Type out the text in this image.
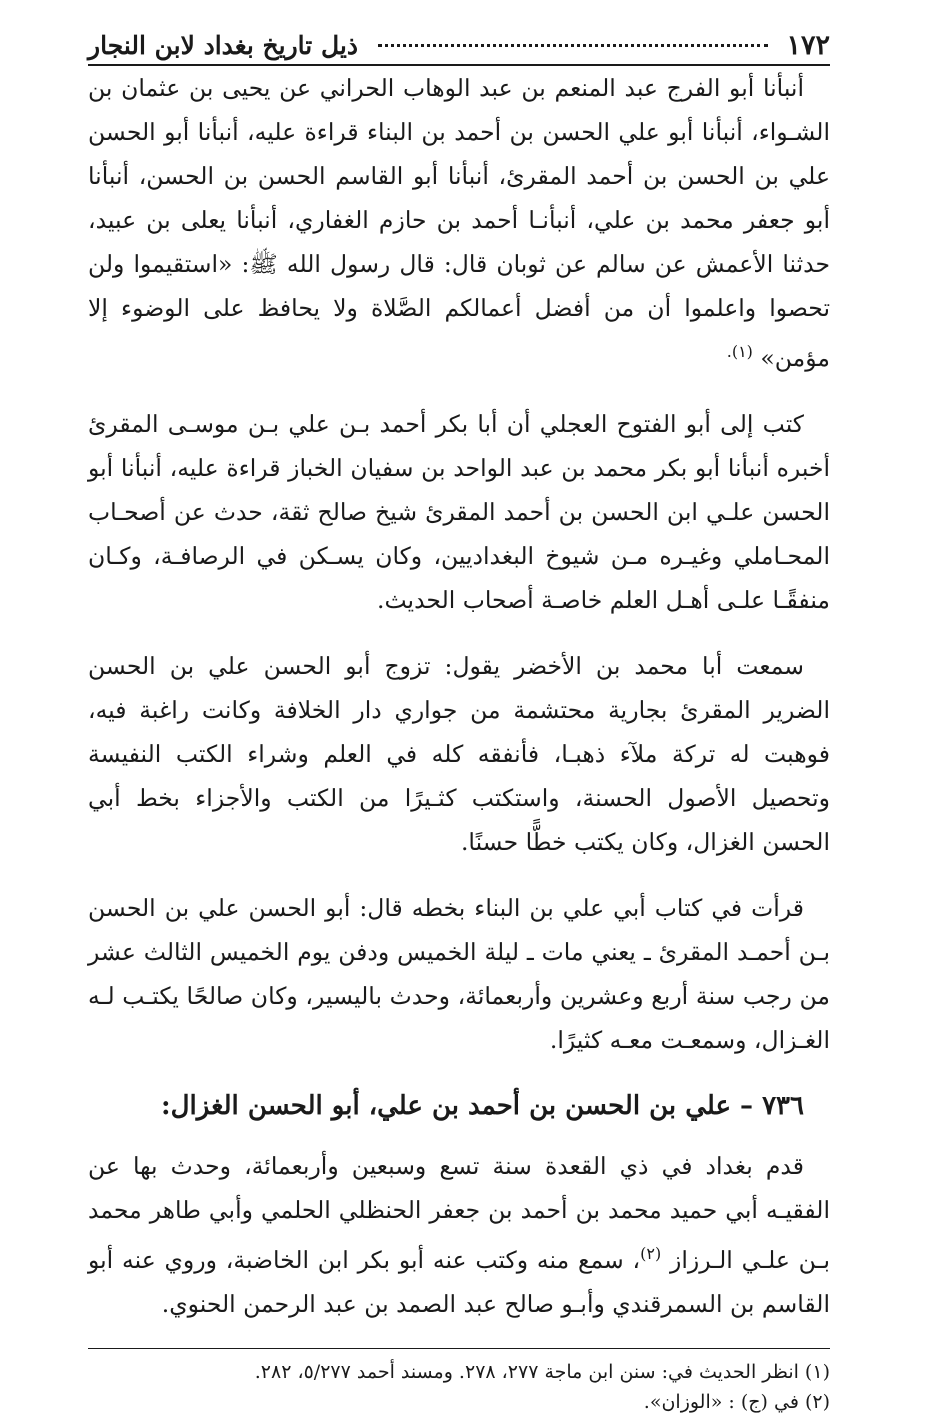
١٧٢
ذيل تاريخ بغداد لابن النجار

أنبأنا أبو الفرج عبد المنعم بن عبد الوهاب الحراني عن يحيى بن عثمان بن الشـواء، أنبأنا أبو علي الحسن بن أحمد بن البناء قراءة عليه، أنبأنا أبو الحسن علي بن الحسن بن أحمد المقرئ، أنبأنا أبو القاسم الحسن بن الحسن، أنبأنا أبو جعفر محمد بن علي، أنبأنـا أحمد بن حازم الغفاري، أنبأنا يعلى بن عبيد، حدثنا الأعمش عن سالم عن ثوبان قال: قال رسول الله ﷺ: «استقيموا ولن تحصوا واعلموا أن من أفضل أعمالكم الصَّلاة ولا يحافظ على الوضوء إلا مؤمن» $^{(١).}$

كتب إلى أبو الفتوح العجلي أن أبا بكر أحمد بـن علي بـن موسـى المقرئ أخبره أنبأنا أبو بكر محمد بن عبد الواحد بن سفيان الخباز قراءة عليه، أنبأنا أبو الحسن علـي ابن الحسن بن أحمد المقرئ شيخ صالح ثقة، حدث عن أصحـاب المحـاملي وغيـره مـن شيوخ البغداديين، وكان يسـكن في الرصافـة، وكـان منفقًـا علـى أهـل العلم خاصـة أصحاب الحديث.

سمعت أبا محمد بن الأخضر يقول: تزوج أبو الحسن علي بن الحسن الضرير المقرئ بجارية محتشمة من جواري دار الخلافة وكانت راغبة فيه، فوهبت له تركة ملآء ذهبـا، فأنفقه كله في العلم وشراء الكتب النفيسة وتحصيل الأصول الحسنة، واستكتب كثـيرًا من الكتب والأجزاء بخط أبي الحسن الغزال، وكان يكتب خطًّا حسنًا.

قرأت في كتاب أبي علي بن البناء بخطه قال: أبو الحسن علي بن الحسن بـن أحمـد المقرئ ـ يعني مات ـ ليلة الخميس ودفن يوم الخميس الثالث عشر من رجب سنة أربع وعشرين وأربعمائة، وحدث باليسير، وكان صالحًا يكتـب لـه الغـزال، وسمعـت معـه كثيرًا.

٧٣٦ – علي بن الحسن بن أحمد بن علي، أبو الحسن الغزال:

قدم بغداد في ذي القعدة سنة تسع وسبعين وأربعمائة، وحدث بها عن الفقيـه أبي حميد محمد بن أحمد بن جعفر الحنظلي الحلمي وأبي طاهر محمد بـن علـي الـرزاز $^{(٢)}$، سمع منه وكتب عنه أبو بكر ابن الخاضبة، وروي عنه أبو القاسم بن السمرقندي وأبـو صالح عبد الصمد بن عبد الرحمن الحنوي.

(١) انظر الحديث في: سنن ابن ماجة ٢٧٧، ٢٧٨. ومسند أحمد ٥/٢٧٧، ٢٨٢.

(٢) في (ج) : «الوزان».
